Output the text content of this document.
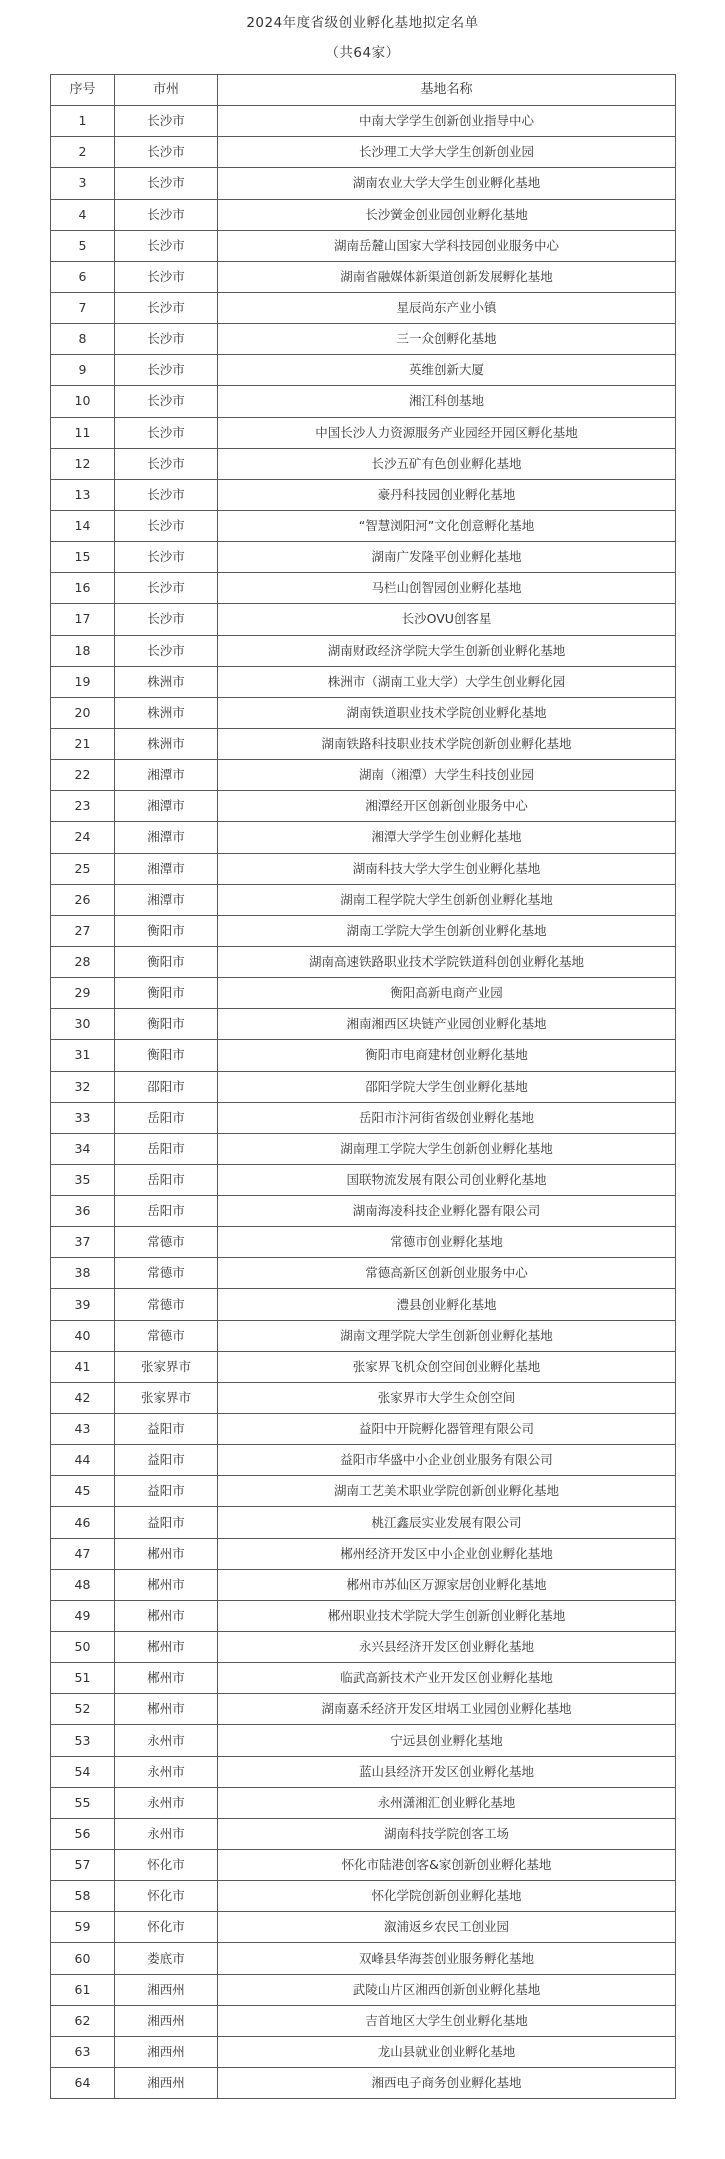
2024年度省级创业孵化基地拟定名单
（共64家）
序号	市州	基地名称
1	长沙市	中南大学学生创新创业指导中心
2	长沙市	长沙理工大学大学生创新创业园
3	长沙市	湖南农业大学大学生创业孵化基地
4	长沙市	长沙黉金创业园创业孵化基地
5	长沙市	湖南岳麓山国家大学科技园创业服务中心
6	长沙市	湖南省融媒体新渠道创新发展孵化基地
7	长沙市	星辰尚东产业小镇
8	长沙市	三一众创孵化基地
9	长沙市	英维创新大厦
10	长沙市	湘江科创基地
11	长沙市	中国长沙人力资源服务产业园经开园区孵化基地
12	长沙市	长沙五矿有色创业孵化基地
13	长沙市	豪丹科技园创业孵化基地
14	长沙市	“智慧浏阳河”文化创意孵化基地
15	长沙市	湖南广发隆平创业孵化基地
16	长沙市	马栏山创智园创业孵化基地
17	长沙市	长沙OVU创客星
18	长沙市	湖南财政经济学院大学生创新创业孵化基地
19	株洲市	株洲市（湖南工业大学）大学生创业孵化园
20	株洲市	湖南铁道职业技术学院创业孵化基地
21	株洲市	湖南铁路科技职业技术学院创新创业孵化基地
22	湘潭市	湖南（湘潭）大学生科技创业园
23	湘潭市	湘潭经开区创新创业服务中心
24	湘潭市	湘潭大学学生创业孵化基地
25	湘潭市	湖南科技大学大学生创业孵化基地
26	湘潭市	湖南工程学院大学生创新创业孵化基地
27	衡阳市	湖南工学院大学生创新创业孵化基地
28	衡阳市	湖南高速铁路职业技术学院铁道科创创业孵化基地
29	衡阳市	衡阳高新电商产业园
30	衡阳市	湘南湘西区块链产业园创业孵化基地
31	衡阳市	衡阳市电商建材创业孵化基地
32	邵阳市	邵阳学院大学生创业孵化基地
33	岳阳市	岳阳市汴河街省级创业孵化基地
34	岳阳市	湖南理工学院大学生创新创业孵化基地
35	岳阳市	国联物流发展有限公司创业孵化基地
36	岳阳市	湖南海凌科技企业孵化器有限公司
37	常德市	常德市创业孵化基地
38	常德市	常德高新区创新创业服务中心
39	常德市	澧县创业孵化基地
40	常德市	湖南文理学院大学生创新创业孵化基地
41	张家界市	张家界飞机众创空间创业孵化基地
42	张家界市	张家界市大学生众创空间
43	益阳市	益阳中开院孵化器管理有限公司
44	益阳市	益阳市华盛中小企业创业服务有限公司
45	益阳市	湖南工艺美术职业学院创新创业孵化基地
46	益阳市	桃江鑫辰实业发展有限公司
47	郴州市	郴州经济开发区中小企业创业孵化基地
48	郴州市	郴州市苏仙区万源家居创业孵化基地
49	郴州市	郴州职业技术学院大学生创新创业孵化基地
50	郴州市	永兴县经济开发区创业孵化基地
51	郴州市	临武高新技术产业开发区创业孵化基地
52	郴州市	湖南嘉禾经济开发区坩埚工业园创业孵化基地
53	永州市	宁远县创业孵化基地
54	永州市	蓝山县经济开发区创业孵化基地
55	永州市	永州潇湘汇创业孵化基地
56	永州市	湖南科技学院创客工场
57	怀化市	怀化市陆港创客&家创新创业孵化基地
58	怀化市	怀化学院创新创业孵化基地
59	怀化市	溆浦返乡农民工创业园
60	娄底市	双峰县华海荟创业服务孵化基地
61	湘西州	武陵山片区湘西创新创业孵化基地
62	湘西州	吉首地区大学生创业孵化基地
63	湘西州	龙山县就业创业孵化基地
64	湘西州	湘西电子商务创业孵化基地
